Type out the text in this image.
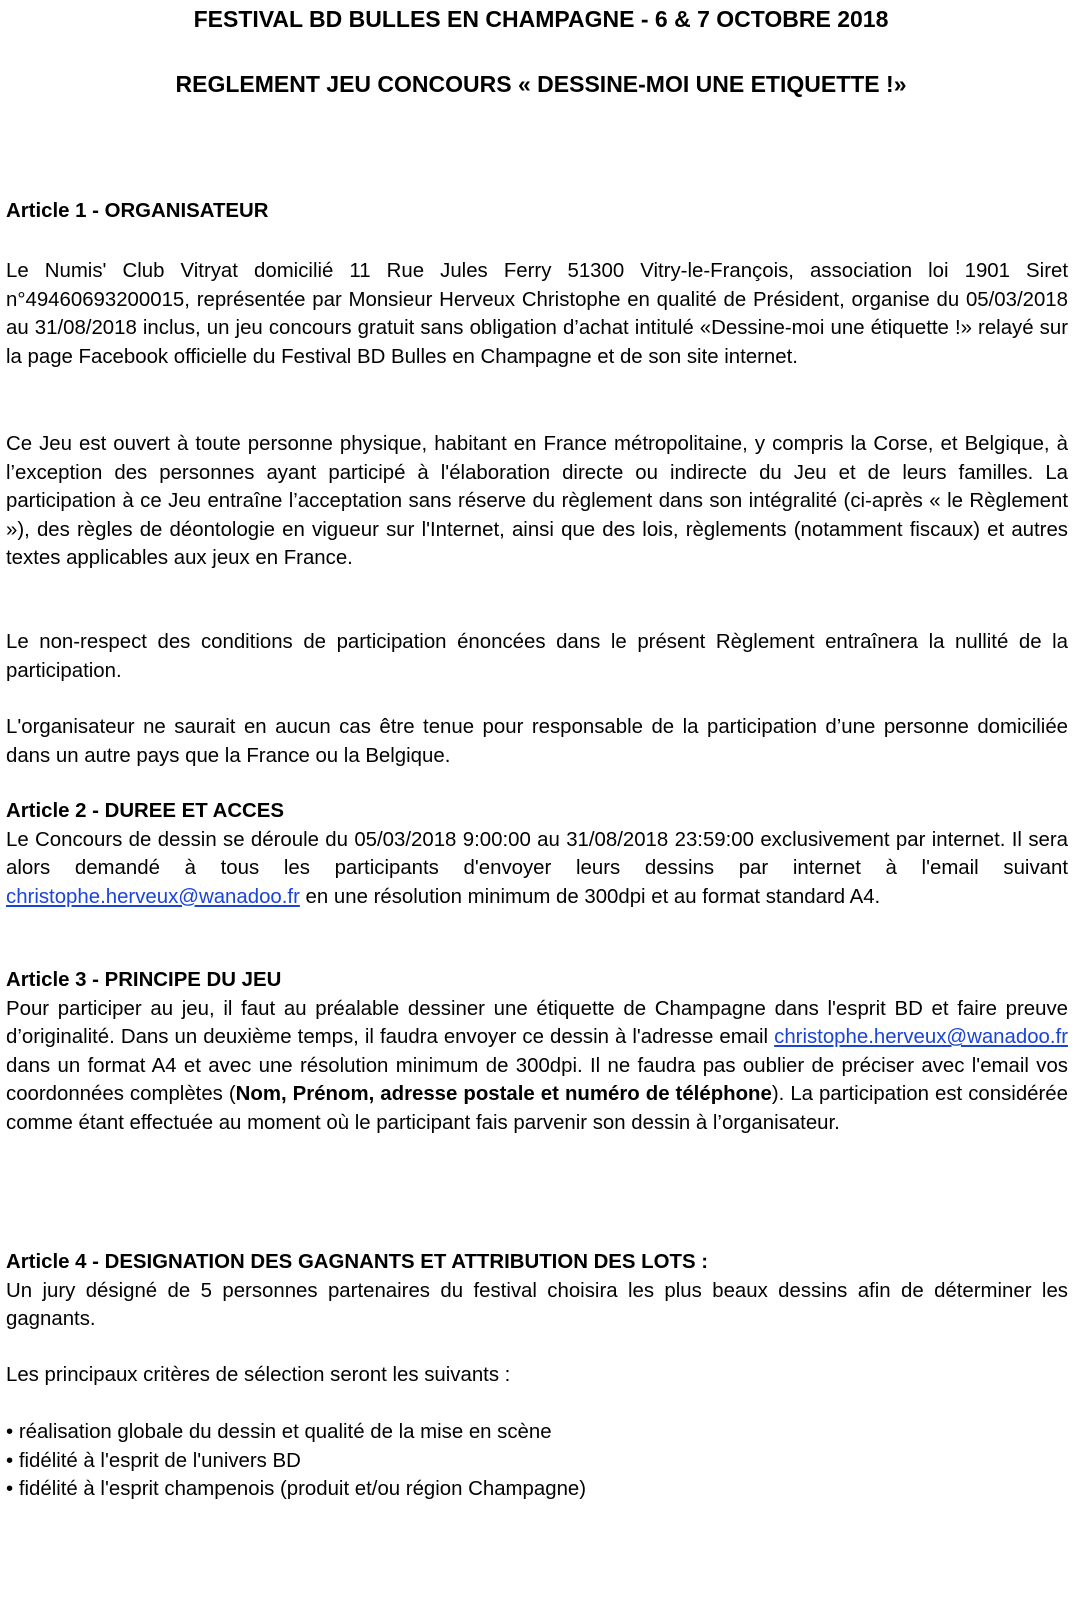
FESTIVAL BD BULLES EN CHAMPAGNE - 6 & 7 OCTOBRE 2018
REGLEMENT JEU CONCOURS « DESSINE-MOI UNE ETIQUETTE !»

Article 1 - ORGANISATEUR

Le Numis' Club Vitryat domicilié 11 Rue Jules Ferry 51300 Vitry-le-François, association loi 1901 Siret n°49460693200015, représentée par Monsieur Herveux Christophe en qualité de Président, organise du 05/03/2018 au 31/08/2018 inclus, un jeu concours gratuit sans obligation d’achat intitulé «Dessine-moi une étiquette !» relayé sur la page Facebook officielle du Festival BD Bulles en Champagne et de son site internet.

Ce Jeu est ouvert à toute personne physique, habitant en France métropolitaine, y compris la Corse, et Belgique, à l’exception des personnes ayant participé à l'élaboration directe ou indirecte du Jeu et de leurs familles. La participation à ce Jeu entraîne l’acceptation sans réserve du règlement dans son intégralité (ci-après « le Règlement »), des règles de déontologie en vigueur sur l'Internet, ainsi que des lois, règlements (notamment fiscaux) et autres textes applicables aux jeux en France.

Le non-respect des conditions de participation énoncées dans le présent Règlement entraînera la nullité de la participation.

L'organisateur ne saurait en aucun cas être tenue pour responsable de la participation d’une personne domiciliée dans un autre pays que la France ou la Belgique.

Article 2 - DUREE ET ACCES
Le Concours de dessin se déroule du 05/03/2018 9:00:00 au 31/08/2018 23:59:00 exclusivement par internet. Il sera alors demandé à tous les participants d'envoyer leurs dessins par internet à l'email suivant christophe.herveux@wanadoo.fr en une résolution minimum de 300dpi et au format standard A4.
Article 3 - PRINCIPE DU JEU
Pour participer au jeu, il faut au préalable dessiner une étiquette de Champagne dans l'esprit BD et faire preuve d’originalité. Dans un deuxième temps, il faudra envoyer ce dessin à l'adresse email christophe.herveux@wanadoo.fr dans un format A4 et avec une résolution minimum de 300dpi. Il ne faudra pas oublier de préciser avec l'email vos coordonnées complètes (Nom, Prénom, adresse postale et numéro de téléphone). La participation est considérée comme étant effectuée au moment où le participant fais parvenir son dessin à l’organisateur.
Article 4 - DESIGNATION DES GAGNANTS ET ATTRIBUTION DES LOTS :
Un jury désigné de 5 personnes partenaires du festival choisira les plus beaux dessins afin de déterminer les gagnants.

Les principaux critères de sélection seront les suivants :

• réalisation globale du dessin et qualité de la mise en scène
• fidélité à l'esprit de l'univers BD
• fidélité à l'esprit champenois (produit et/ou région Champagne)
